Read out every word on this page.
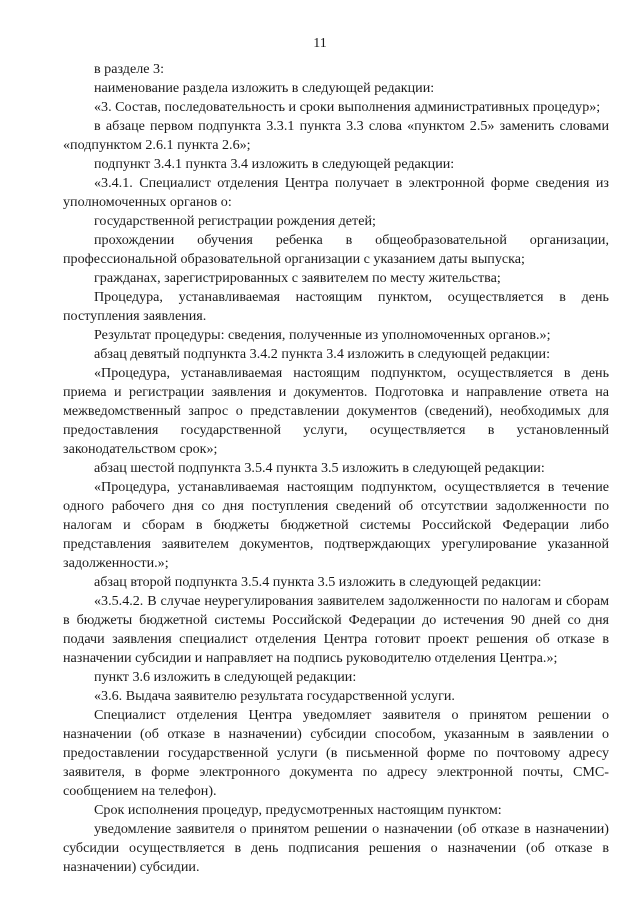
11

в разделе 3:

наименование раздела изложить в следующей редакции:

«3. Состав, последовательность и сроки выполнения административных процедур»;

в абзаце первом подпункта 3.3.1 пункта 3.3 слова «пунктом 2.5» заменить словами «подпунктом 2.6.1 пункта 2.6»;

подпункт 3.4.1 пункта 3.4 изложить в следующей редакции:

«3.4.1. Специалист отделения Центра получает в электронной форме сведения из уполномоченных органов о:

государственной регистрации рождения детей;

прохождении обучения ребенка в общеобразовательной организации, профессиональной образовательной организации с указанием даты выпуска;

гражданах, зарегистрированных с заявителем по месту жительства;

Процедура, устанавливаемая настоящим пунктом, осуществляется в день поступления заявления.

Результат процедуры: сведения, полученные из уполномоченных органов.»;

абзац девятый подпункта 3.4.2 пункта 3.4 изложить в следующей редакции:

«Процедура, устанавливаемая настоящим подпунктом, осуществляется в день приема и регистрации заявления и документов. Подготовка и направление ответа на межведомственный запрос о представлении документов (сведений), необходимых для предоставления государственной услуги, осуществляется в установленный законодательством срок»;

абзац шестой подпункта 3.5.4 пункта 3.5 изложить в следующей редакции:

«Процедура, устанавливаемая настоящим подпунктом, осуществляется в течение одного рабочего дня со дня поступления сведений об отсутствии задолженности по налогам и сборам в бюджеты бюджетной системы Российской Федерации либо представления заявителем документов, подтверждающих урегулирование указанной задолженности.»;

абзац второй подпункта 3.5.4 пункта 3.5 изложить в следующей редакции:

«3.5.4.2. В случае неурегулирования заявителем задолженности по налогам и сборам в бюджеты бюджетной системы Российской Федерации до истечения 90 дней со дня подачи заявления специалист отделения Центра готовит проект решения об отказе в назначении субсидии и направляет на подпись руководителю отделения Центра.»;

пункт 3.6 изложить в следующей редакции:

«3.6. Выдача заявителю результата государственной услуги.

Специалист отделения Центра уведомляет заявителя о принятом решении о назначении (об отказе в назначении) субсидии способом, указанным в заявлении о предоставлении государственной услуги (в письменной форме по почтовому адресу заявителя, в форме электронного документа по адресу электронной почты, СМС-сообщением на телефон).

Срок исполнения процедур, предусмотренных настоящим пунктом:

уведомление заявителя о принятом решении о назначении (об отказе в назначении) субсидии осуществляется в день подписания решения о назначении (об отказе в назначении) субсидии.
